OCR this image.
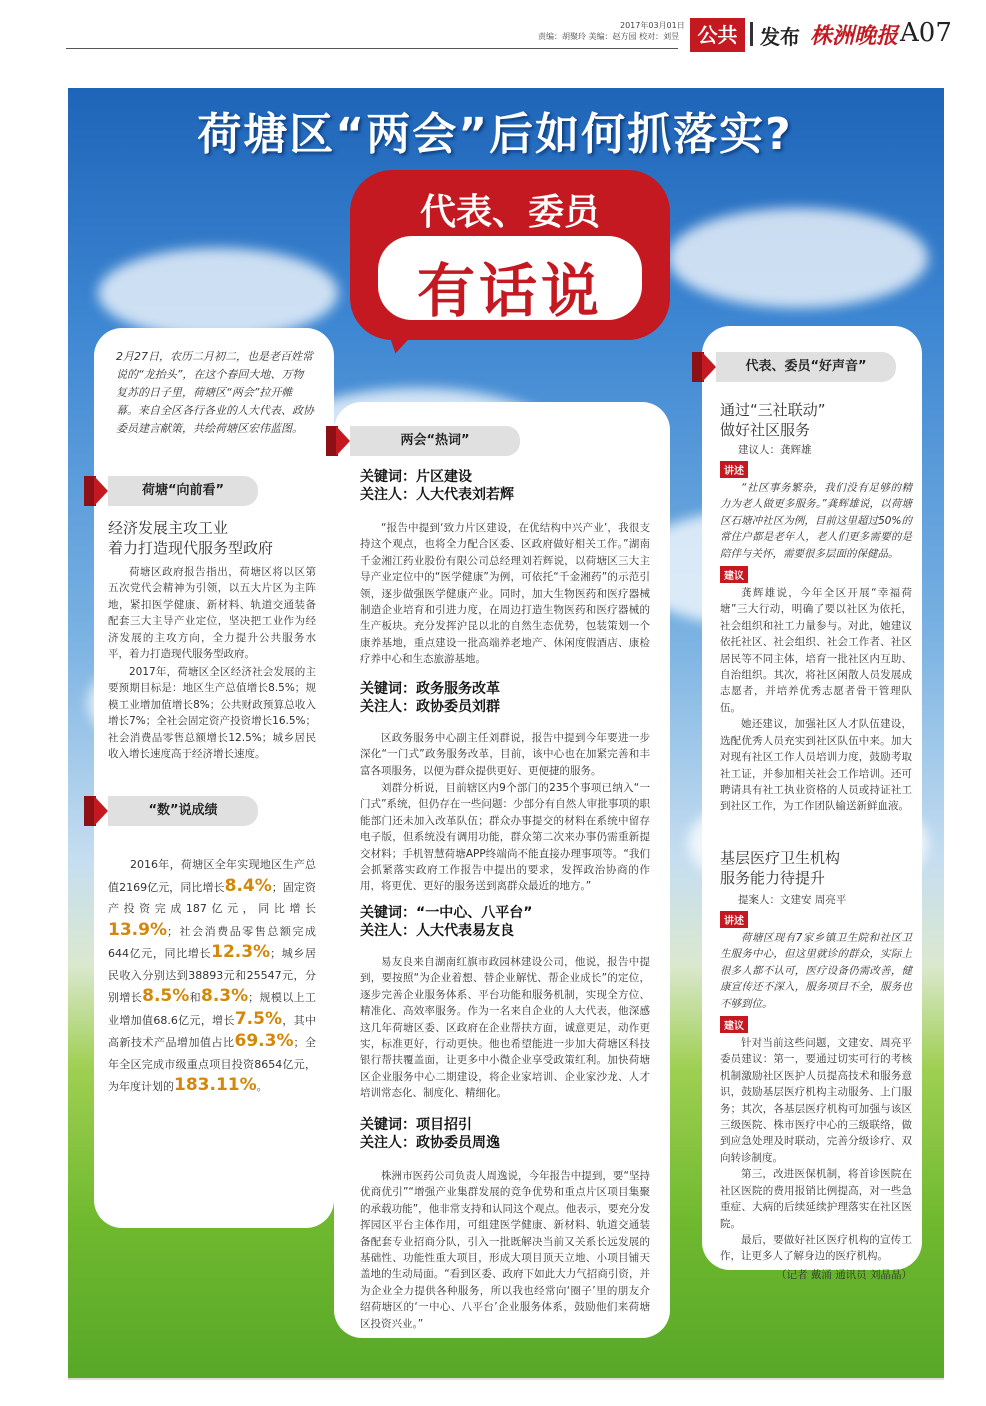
2017年03月01日
责编：胡聚玲 美编：赵方园 校对：刘昱 公共	发布 株洲晚报 A07
荷塘区“两会”后如何抓落实?
代表、委员
有话说

2月27日，农历二月初二，也是老百姓常说的“龙抬头”，在这个春回大地、万物复苏的日子里，荷塘区“两会”拉开帷幕。来自全区各行各业的人大代表、政协委员建言献策，共绘荷塘区宏伟蓝图。

经济发展主攻工业
着力打造现代服务型政府

荷塘区政府报告指出，荷塘区将以区第五次党代会精神为引领，以五大片区为主阵地，紧扣医学健康、新材料、轨道交通装备配套三大主导产业定位，坚决把工业作为经济发展的主攻方向，全力提升公共服务水平，着力打造现代服务型政府。

2017年，荷塘区全区经济社会发展的主要预期目标是：地区生产总值增长8.5%；规模工业增加值增长8%；公共财政预算总收入增长7%；全社会固定资产投资增长16.5%；社会消费品零售总额增长12.5%；城乡居民收入增长速度高于经济增长速度。

2016年，荷塘区全年实现地区生产总值2169亿元，同比增长8.4%；固定资产投资完成187亿元，同比增长13.9%；社会消费品零售总额完成644亿元，同比增长12.3%；城乡居民收入分别达到38893元和25547元，分别增长8.5%和8.3%；规模以上工业增加值68.6亿元，增长7.5%，其中高新技术产品增加值占比69.3%；全年全区完成市级重点项目投资8654亿元，为年度计划的183.11%。
荷塘“向前看”
“数”说成绩

关键词：片区建设
关注人：人大代表刘若辉

“报告中提到‘致力片区建设，在优结构中兴产业’，我很支持这个观点，也将全力配合区委、区政府做好相关工作。”湖南千金湘江药业股份有限公司总经理刘若辉说，以荷塘区三大主导产业定位中的“医学健康”为例，可依托“千金湘药”的示范引领，逐步做强医学健康产业。同时，加大生物医药和医疗器械制造企业培育和引进力度，在周边打造生物医药和医疗器械的生产板块。充分发挥沪昆以北的自然生态优势，包装策划一个康养基地，重点建设一批高端养老地产、休闲度假酒店、康检疗养中心和生态旅游基地。

关键词：政务服务改革
关注人：政协委员刘群

区政务服务中心副主任刘群说，报告中提到今年要进一步深化“一门式”政务服务改革，目前，该中心也在加紧完善和丰富各项服务，以便为群众提供更好、更便捷的服务。

刘群分析说，目前辖区内9个部门的235个事项已纳入“一门式”系统，但仍存在一些问题：少部分有自然人审批事项的职能部门还未加入改革队伍；群众办事提交的材料在系统中留存电子版，但系统没有调用功能，群众第二次来办事仍需重新提交材料；手机智慧荷塘APP终端尚不能直接办理事项等。“我们会抓紧落实政府工作报告中提出的要求，发挥政治协商的作用，将更优、更好的服务送到离群众最近的地方。”

关键词：“一中心、八平台”
关注人：人大代表易友良

易友良来自湖南红旗市政园林建设公司，他说，报告中提到，要按照“为企业着想、替企业解忧、帮企业成长”的定位，逐步完善企业服务体系、平台功能和服务机制，实现全方位、精准化、高效率服务。作为一名来自企业的人大代表，他深感这几年荷塘区委、区政府在企业帮扶方面，诚意更足，动作更实，标准更好，行动更快。他也希望能进一步加大荷塘区科技银行帮扶覆盖面，让更多中小微企业享受政策红利。加快荷塘区企业服务中心二期建设，将企业家培训、企业家沙龙、人才培训常态化、制度化、精细化。

关键词：项目招引
关注人：政协委员周逸

株洲市医药公司负责人周逸说，今年报告中提到，要“坚持优商优引”“增强产业集群发展的竞争优势和重点片区项目集聚的承载功能”，他非常支持和认同这个观点。他表示，要充分发挥园区平台主体作用，可组建医学健康、新材料、轨道交通装备配套专业招商分队，引入一批既解决当前又关系长远发展的基础性、功能性重大项目，形成大项目顶天立地、小项目铺天盖地的生动局面。“看到区委、政府下如此大力气招商引资，并为企业全力提供各种服务，所以我也经常向‘圈子’里的朋友介绍荷塘区的‘一中心、八平台’企业服务体系，鼓励他们来荷塘区投资兴业。”

两会“热词”

通过“三社联动”
做好社区服务

建议人：龚辉雄

讲述

“社区事务繁杂，我们没有足够的精力为老人做更多服务。”龚辉雄说，以荷塘区石塘冲社区为例，目前这里超过50%的常住户都是老年人，老人们更多需要的是陪伴与关怀，需要很多层面的保健品。

建议

龚辉雄说，今年全区开展“幸福荷塘”三大行动，明确了要以社区为依托，社会组织和社工力量参与。对此，她建议依托社区、社会组织、社会工作者、社区居民等不同主体，培育一批社区内互助、自治组织。其次，将社区闲散人员发展成志愿者，并培养优秀志愿者骨干管理队伍。

她还建议，加强社区人才队伍建设，选配优秀人员充实到社区队伍中来。加大对现有社区工作人员培训力度，鼓励考取社工证，并参加相关社会工作培训。还可聘请具有社工执业资格的人员或持证社工到社区工作，为工作团队输送新鲜血液。

基层医疗卫生机构
服务能力待提升

提案人：文建安 周亮平

讲述

荷塘区现有7家乡镇卫生院和社区卫生服务中心，但这里就诊的群众，实际上很多人都不认可，医疗设备仍需改善，健康宣传还不深入，服务项目不全，服务也不够到位。

建议

针对当前这些问题，文建安、周亮平委员建议：第一，要通过切实可行的考核机制激励社区医护人员提高技术和服务意识，鼓励基层医疗机构主动服务、上门服务；其次，各基层医疗机构可加强与该区三级医院、株市医疗中心的三级联络，做到应急处理及时联动，完善分级诊疗、双向转诊制度。

第三，改进医保机制，将首诊医院在社区医院的费用报销比例提高，对一些急重症、大病的后续延续护理落实在社区医院。

最后，要做好社区医疗机构的宣传工作，让更多人了解身边的医疗机构。

（记者 戴涌 通讯员 刘晶晶）

代表、委员“好声音”
